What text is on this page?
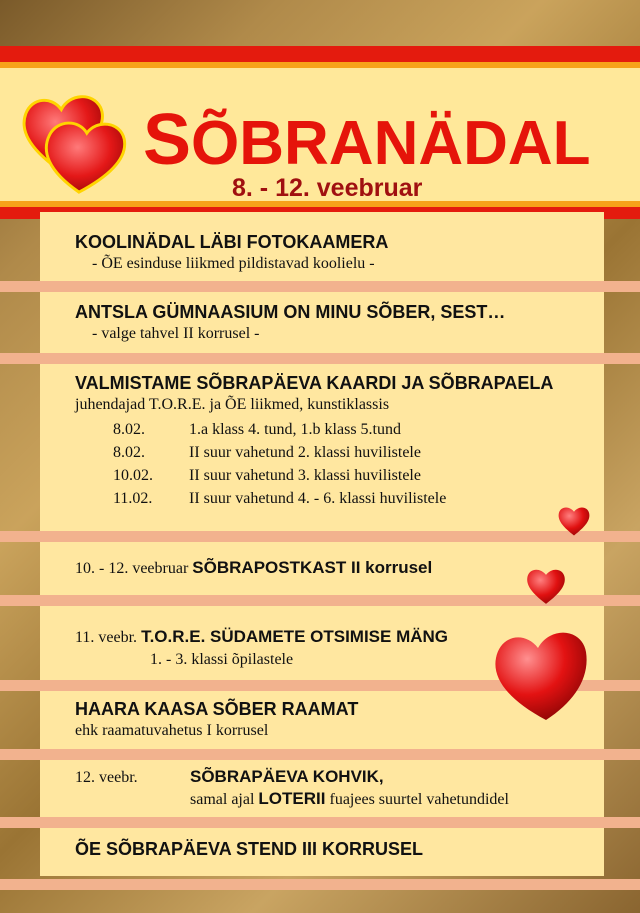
SÕBRANÄDAL
8. - 12. veebruar
KOOLINÄDAL LÄBI FOTOKAAMERA
- ÕE esinduse liikmed pildistavad koolielu -
ANTSLA GÜMNAASIUM ON MINU SÕBER, SEST…
- valge tahvel II korrusel -
VALMISTAME SÕBRAPÄEVA KAARDI JA SÕBRAPAELA
juhendajad T.O.R.E. ja ÕE liikmed, kunstiklassis
8.02.	1.a klass 4. tund, 1.b klass 5.tund
8.02.	II suur vahetund 2. klassi huvilistele
10.02.	II suur vahetund 3. klassi huvilistele
11.02.	II suur vahetund 4. - 6. klassi huvilistele
10. - 12. veebruar SÕBRAPOSTKAST II korrusel
11. veebr. T.O.R.E. SÜDAMETE OTSIMISE MÄNG
1. - 3. klassi õpilastele
HAARA KAASA SÕBER RAAMAT
ehk raamatuvahetus I korrusel
12. veebr.	SÕBRAPÄEVA KOHVIK,
samal ajal LOTERII fuajees suurtel vahetundidel
ÕE SÕBRAPÄEVA STEND III KORRUSEL
